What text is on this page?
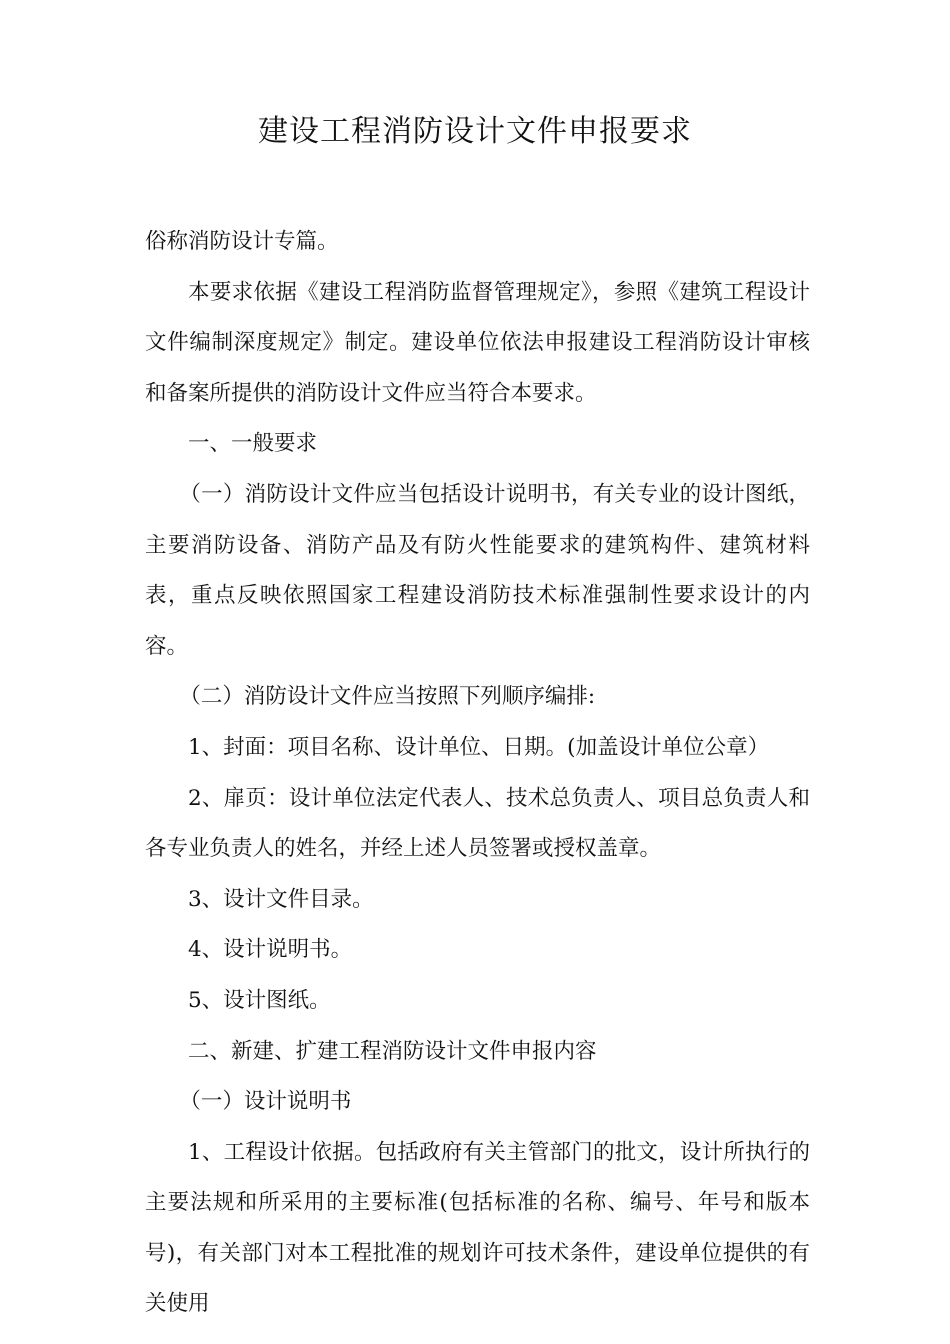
建设工程消防设计文件申报要求

俗称消防设计专篇。

本要求依据《建设工程消防监督管理规定》，参照《建筑工程设计文件编制深度规定》制定。建设单位依法申报建设工程消防设计审核和备案所提供的消防设计文件应当符合本要求。

一、一般要求

（一）消防设计文件应当包括设计说明书，有关专业的设计图纸，主要消防设备、消防产品及有防火性能要求的建筑构件、建筑材料表，重点反映依照国家工程建设消防技术标准强制性要求设计的内容。

（二）消防设计文件应当按照下列顺序编排:

1、封面：项目名称、设计单位、日期。(加盖设计单位公章）

2、扉页：设计单位法定代表人、技术总负责人、项目总负责人和各专业负责人的姓名，并经上述人员签署或授权盖章。

3、设计文件目录。

4、设计说明书。

5、设计图纸。

二、新建、扩建工程消防设计文件申报内容

（一）设计说明书

1、工程设计依据。包括政府有关主管部门的批文，设计所执行的主要法规和所采用的主要标准(包括标准的名称、编号、年号和版本号)，有关部门对本工程批准的规划许可技术条件，建设单位提供的有关使用
